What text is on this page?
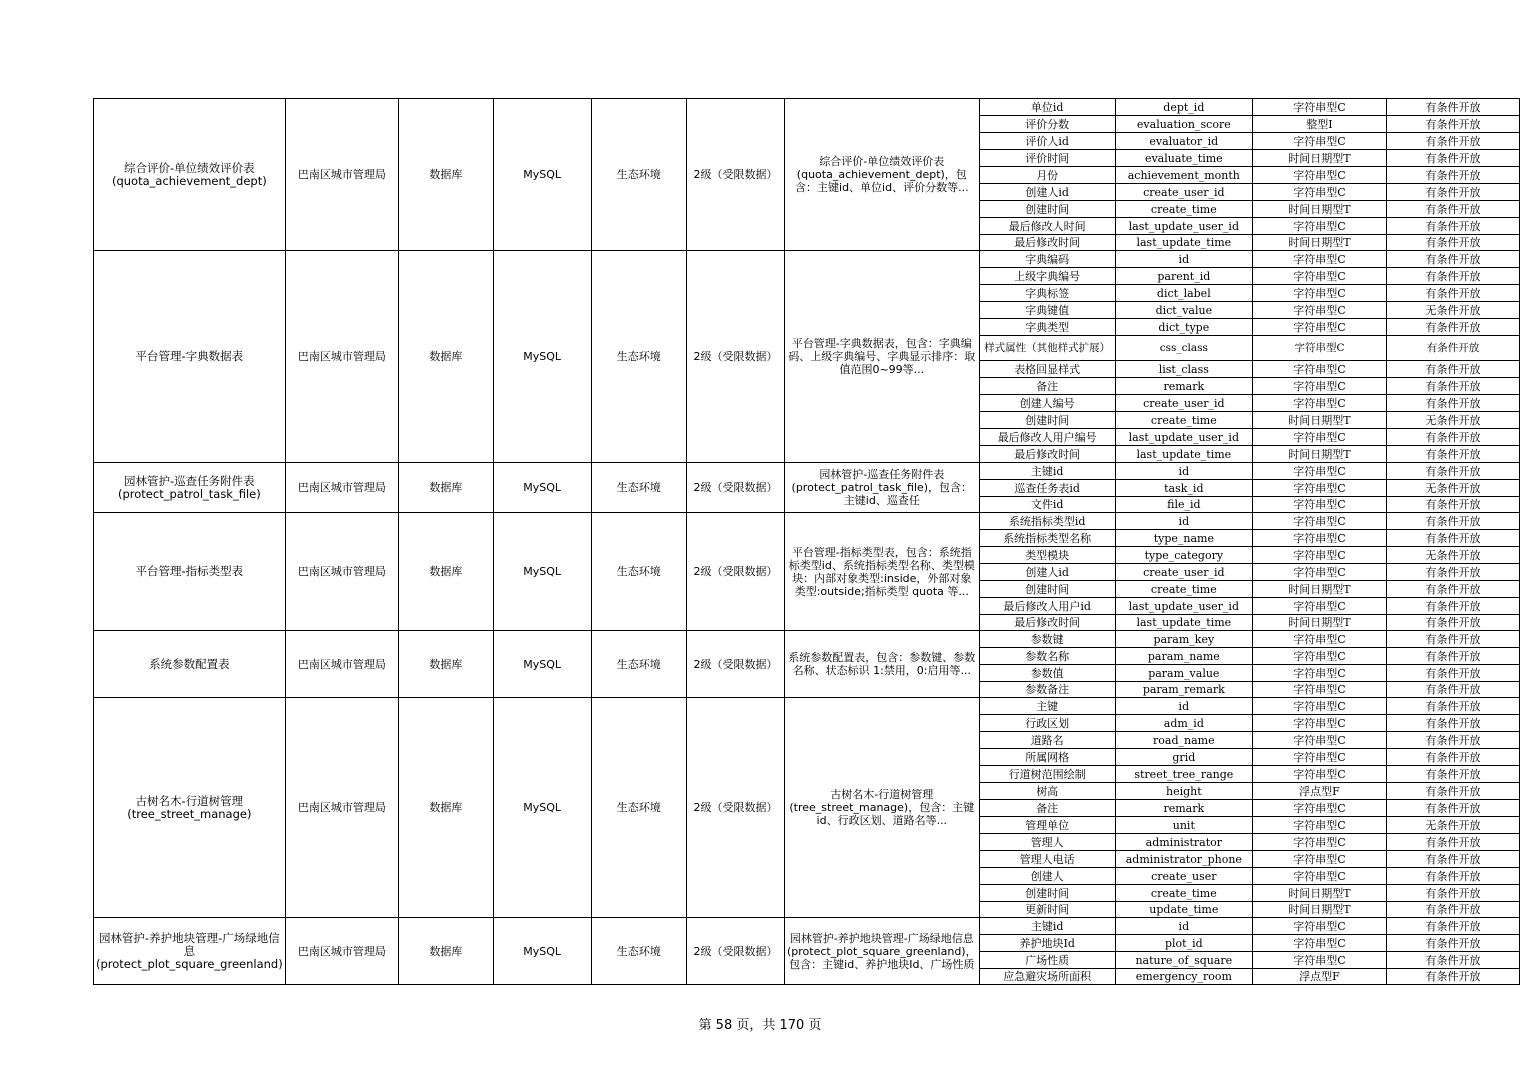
综合评价-单位绩效评价表(quota_achievement_dept)	巴南区城市管理局	数据库	MySQL	生态环境	2级（受限数据）	综合评价-单位绩效评价表(quota_achievement_dept)，包含：主键id、单位id、评价分数等...	单位id	dept_id	字符串型C	有条件开放
							评价分数	evaluation_score	整型I	有条件开放
							评价人id	evaluator_id	字符串型C	有条件开放
							评价时间	evaluate_time	时间日期型T	有条件开放
							月份	achievement_month	字符串型C	有条件开放
							创建人id	create_user_id	字符串型C	有条件开放
							创建时间	create_time	时间日期型T	有条件开放
							最后修改人时间	last_update_user_id	字符串型C	有条件开放
							最后修改时间	last_update_time	时间日期型T	有条件开放
平台管理-字典数据表	巴南区城市管理局	数据库	MySQL	生态环境	2级（受限数据）	平台管理-字典数据表，包含：字典编码、上级字典编号、字典显示排序：取值范围0~99等...	字典编码	id	字符串型C	有条件开放
							上级字典编号	parent_id	字符串型C	有条件开放
							字典标签	dict_label	字符串型C	有条件开放
							字典键值	dict_value	字符串型C	无条件开放
							字典类型	dict_type	字符串型C	有条件开放
							样式属性（其他样式扩展）	css_class	字符串型C	有条件开放
							表格回显样式	list_class	字符串型C	有条件开放
							备注	remark	字符串型C	有条件开放
							创建人编号	create_user_id	字符串型C	有条件开放
							创建时间	create_time	时间日期型T	无条件开放
							最后修改人用户编号	last_update_user_id	字符串型C	有条件开放
							最后修改时间	last_update_time	时间日期型T	有条件开放
园林管护-巡查任务附件表(protect_patrol_task_file)	巴南区城市管理局	数据库	MySQL	生态环境	2级（受限数据）	园林管护-巡查任务附件表(protect_patrol_task_file)，包含：主键id、巡查任	主键id	id	字符串型C	有条件开放
							巡查任务表id	task_id	字符串型C	无条件开放
							文件id	file_id	字符串型C	有条件开放
平台管理-指标类型表	巴南区城市管理局	数据库	MySQL	生态环境	2级（受限数据）	平台管理-指标类型表，包含：系统指标类型id、系统指标类型名称、类型模块：内部对象类型:inside，外部对象类型:outside;指标类型 quota 等...	系统指标类型id	id	字符串型C	有条件开放
							系统指标类型名称	type_name	字符串型C	有条件开放
							类型模块	type_category	字符串型C	无条件开放
							创建人id	create_user_id	字符串型C	有条件开放
							创建时间	create_time	时间日期型T	有条件开放
							最后修改人用户id	last_update_user_id	字符串型C	有条件开放
							最后修改时间	last_update_time	时间日期型T	有条件开放
系统参数配置表	巴南区城市管理局	数据库	MySQL	生态环境	2级（受限数据）	系统参数配置表，包含：参数键、参数名称、状态标识 1:禁用，0:启用等...	参数键	param_key	字符串型C	有条件开放
							参数名称	param_name	字符串型C	有条件开放
							参数值	param_value	字符串型C	有条件开放
							参数备注	param_remark	字符串型C	有条件开放
古树名木-行道树管理(tree_street_manage)	巴南区城市管理局	数据库	MySQL	生态环境	2级（受限数据）	古树名木-行道树管理(tree_street_manage)，包含：主键id、行政区划、道路名等...	主键	id	字符串型C	有条件开放
							行政区划	adm_id	字符串型C	有条件开放
							道路名	road_name	字符串型C	有条件开放
							所属网格	grid	字符串型C	有条件开放
							行道树范围绘制	street_tree_range	字符串型C	有条件开放
							树高	height	浮点型F	有条件开放
							备注	remark	字符串型C	有条件开放
							管理单位	unit	字符串型C	无条件开放
							管理人	administrator	字符串型C	有条件开放
							管理人电话	administrator_phone	字符串型C	有条件开放
							创建人	create_user	字符串型C	有条件开放
							创建时间	create_time	时间日期型T	有条件开放
							更新时间	update_time	时间日期型T	有条件开放
园林管护-养护地块管理-广场绿地信息(protect_plot_square_greenland)	巴南区城市管理局	数据库	MySQL	生态环境	2级（受限数据）	园林管护-养护地块管理-广场绿地信息(protect_plot_square_greenland)，包含：主键id、养护地块Id、广场性质	主键id	id	字符串型C	有条件开放
							养护地块Id	plot_id	字符串型C	有条件开放
							广场性质	nature_of_square	字符串型C	有条件开放
							应急避灾场所面积	emergency_room	浮点型F	有条件开放
第 58 页，共 170 页
